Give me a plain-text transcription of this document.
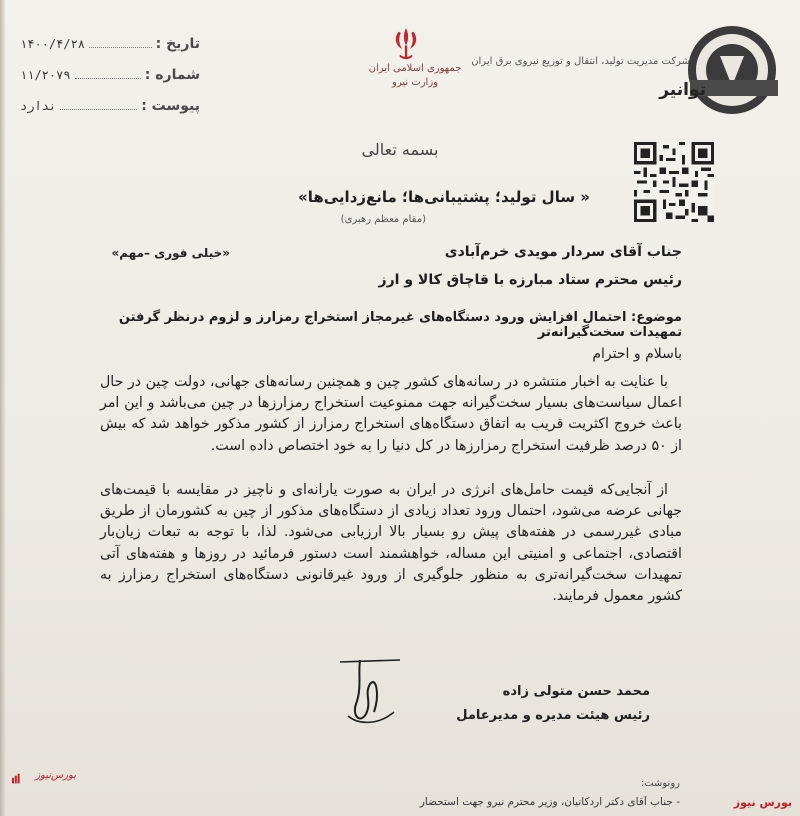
تاریخ :
۱۴۰۰/۴/۲۸
شماره :
۱۱/۲۰۷۹
پیوست :
ندارد
جمهوری اسلامی ایران
وزارت نیرو
شرکت مدیریت تولید، انتقال و توزیع نیروی برق ایران
توانیر
بسمه تعالی
« سال تولید؛ پشتیبانی‌ها؛ مانع‌زدایی‌ها»
(مقام معظم رهبری)
«خیلی فوری –مهم»	جناب آقای سردار مویدی خرم‌آبادی
رئیس محترم ستاد مبارزه با قاچاق کالا و ارز
موضوع: احتمال افزایش ورود دستگاه‌های غیرمجاز استخراج رمزارز و لزوم درنظر گرفتن تمهیدات سخت‌گیرانه‌تر
باسلام و احترام
با عنایت به اخبار منتشره در رسانه‌های کشور چین و همچنین رسانه‌های جهانی، دولت چین در حال اعمال سیاست‌های بسیار سخت‌گیرانه جهت ممنوعیت استخراج رمزارزها در چین می‌باشد و این امر باعث خروج اکثریت قریب به اتفاق دستگاه‌های استخراج رمزارز از کشور مذکور خواهد شد که بیش از ۵۰ درصد ظرفیت استخراج رمزارزها در کل دنیا را به خود اختصاص داده است.
از آنجایی‌که قیمت حامل‌های انرژی در ایران به صورت یارانه‌ای و ناچیز در مقایسه با قیمت‌های جهانی عرضه می‌شود، احتمال ورود تعداد زیادی از دستگاه‌های مذکور از چین به کشورمان از طریق مبادی غیررسمی در هفته‌های پیش رو بسیار بالا ارزیابی می‌شود. لذا، با توجه به تبعات زیان‌بار اقتصادی، اجتماعی و امنیتی این مساله، خواهشمند است دستور فرمائید در روزها و هفته‌های آتی تمهیدات سخت‌گیرانه‌تری به منظور جلوگیری از ورود غیرقانونی دستگاه‌های استخراج رمزارز به کشور معمول فرمایند.
محمد حسن متولی زاده
رئیس هیئت مدیره و مدیرعامل
رونوشت:
- جناب آقای دکتر اردکانیان، وزیر محترم نیرو جهت استحضار
بورس‌نیوز
بورس نیوز
